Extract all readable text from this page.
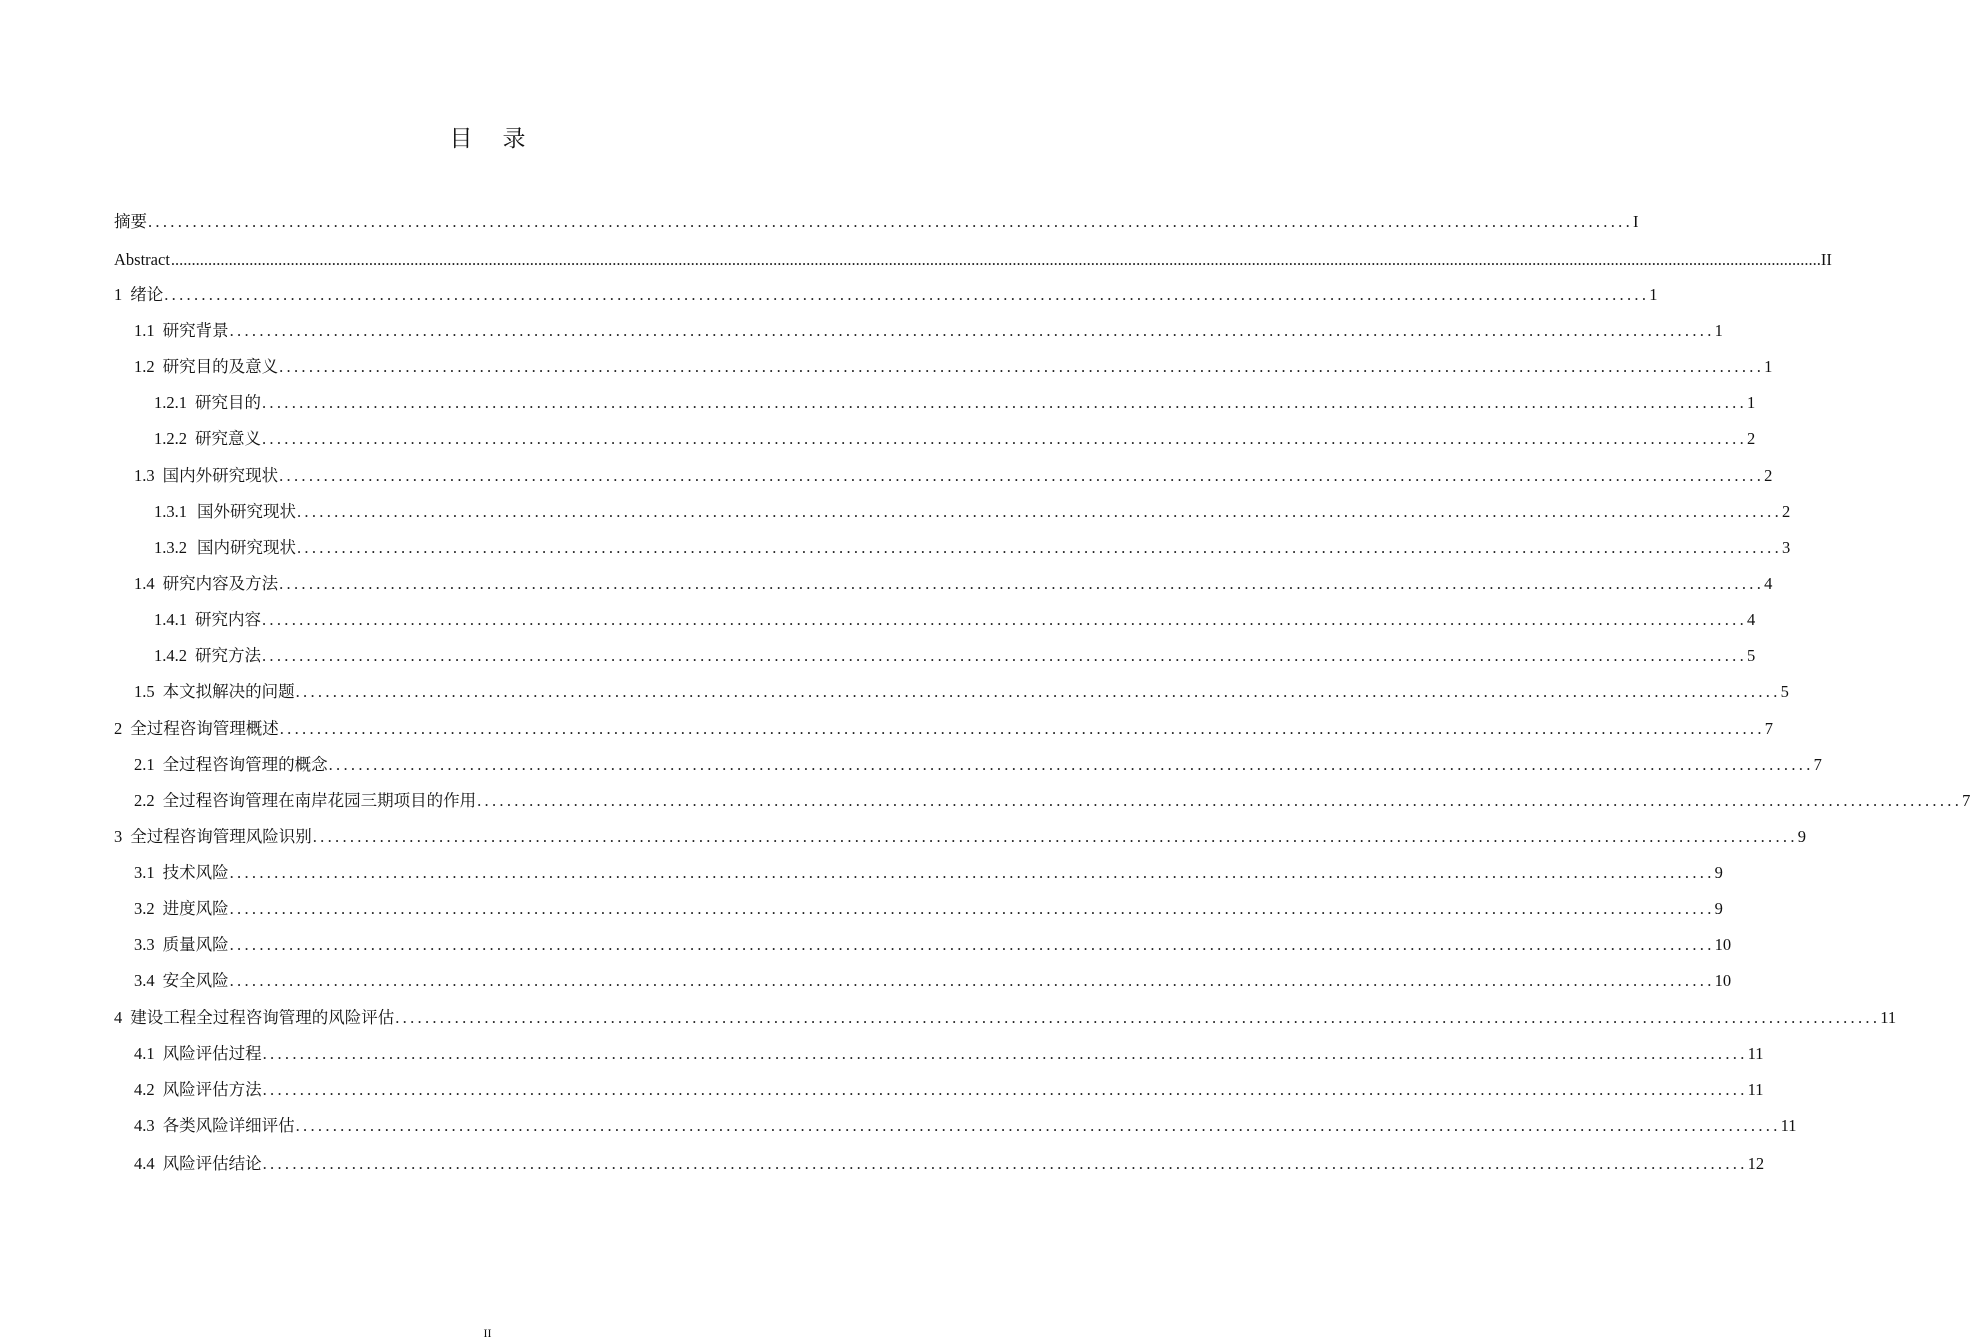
目 录
摘要 ........................................................................................................................................................................................................ I
Abstract ................................................................................................................................................................................................................................................................................................................................................................................................................ II
1 绪论 ........................................................................................................................................................................................................ 1
1.1 研究背景 ........................................................................................................................................................................................................ 1
1.2 研究目的及意义 ........................................................................................................................................................................................................ 1
1.2.1 研究目的 ........................................................................................................................................................................................................ 1
1.2.2 研究意义 ........................................................................................................................................................................................................ 2
1.3 国内外研究现状 ........................................................................................................................................................................................................ 2
1.3.1 国外研究现状 ........................................................................................................................................................................................................ 2
1.3.2 国内研究现状 ........................................................................................................................................................................................................ 3
1.4 研究内容及方法 ........................................................................................................................................................................................................ 4
1.4.1 研究内容 ........................................................................................................................................................................................................ 4
1.4.2 研究方法 ........................................................................................................................................................................................................ 5
1.5 本文拟解决的问题 ........................................................................................................................................................................................................ 5
2 全过程咨询管理概述 ........................................................................................................................................................................................................ 7
2.1 全过程咨询管理的概念 ........................................................................................................................................................................................................ 7
2.2 全过程咨询管理在南岸花园三期项目的作用 ........................................................................................................................................................................................................ 7
3 全过程咨询管理风险识别 ........................................................................................................................................................................................................ 9
3.1 技术风险 ........................................................................................................................................................................................................ 9
3.2 进度风险 ........................................................................................................................................................................................................ 9
3.3 质量风险 ........................................................................................................................................................................................................ 10
3.4 安全风险 ........................................................................................................................................................................................................ 10
4 建设工程全过程咨询管理的风险评估 ........................................................................................................................................................................................................ 11
4.1 风险评估过程 ........................................................................................................................................................................................................ 11
4.2 风险评估方法 ........................................................................................................................................................................................................ 11
4.3 各类风险详细评估 ........................................................................................................................................................................................................ 11
4.4 风险评估结论 ........................................................................................................................................................................................................ 12
II
